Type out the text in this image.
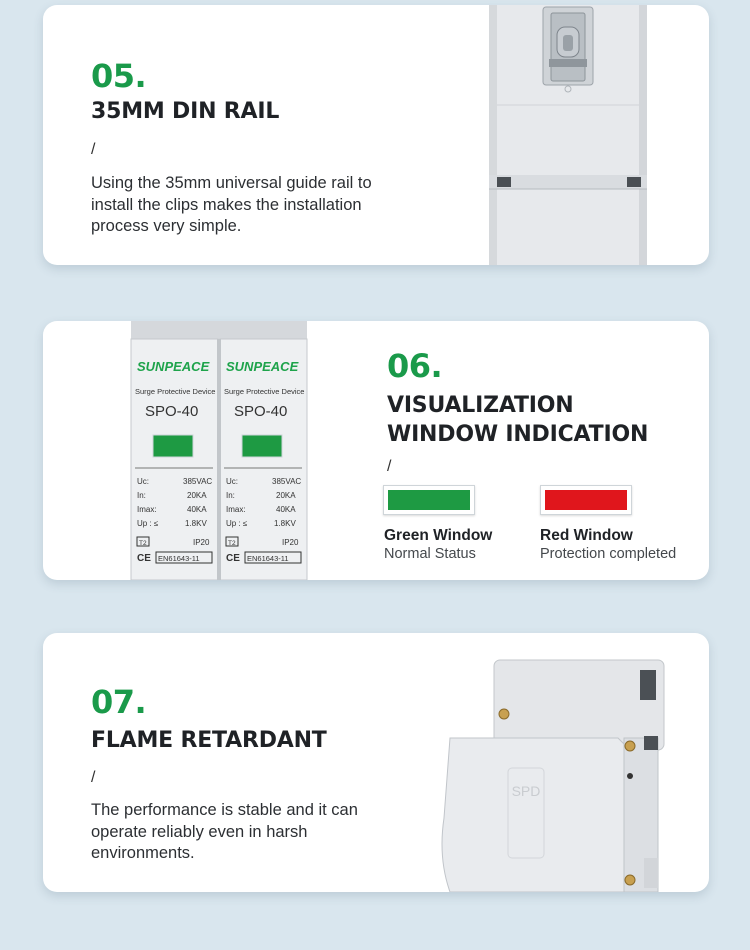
05.
35MM DIN RAIL
/
Using the 35mm universal guide rail to install the clips makes the installation process very simple.
SUNPEACE
Surge Protective Device
SPO-40
Uc:	385VAC
In:	20KA
Imax:	40KA
Up : ≤	1.8KV
T2	IP20
CE EN61643-11
SUNPEACE
Surge Protective Device
SPO-40
Uc:	385VAC
In:	20KA
Imax:	40KA
Up : ≤	1.8KV
T2	IP20
CE EN61643-11
06.
VISUALIZATION
WINDOW INDICATION
/
Green Window
Normal Status
Red Window
Protection completed
07.
FLAME RETARDANT
/
The performance is stable and it can operate reliably even in harsh environments.
SPD
